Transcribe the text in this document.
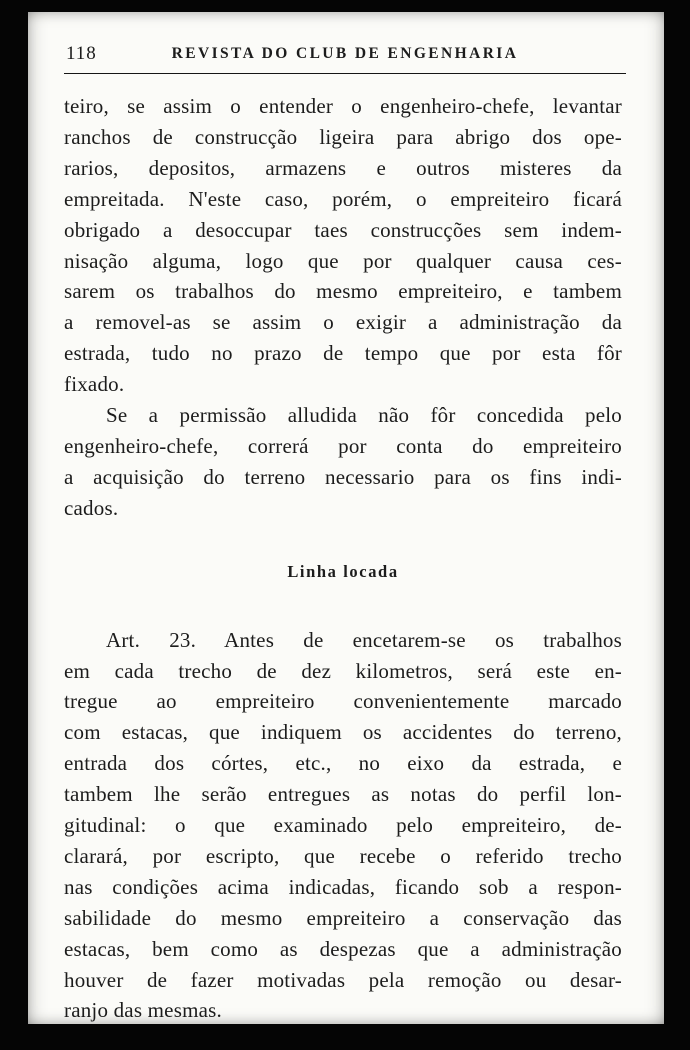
118	REVISTA DO CLUB DE ENGENHARIA
teiro, se assim o entender o engenheiro-chefe, levantar
ranchos de construcção ligeira para abrigo dos ope-
rarios, depositos, armazens e outros misteres da
empreitada. N'este caso, porém, o empreiteiro ficará
obrigado a desoccupar taes construcções sem indem-
nisação alguma, logo que por qualquer causa ces-
sarem os trabalhos do mesmo empreiteiro, e tambem
a removel-as se assim o exigir a administração da
estrada, tudo no prazo de tempo que por esta fôr
fixado.
Se a permissão alludida não fôr concedida pelo
engenheiro-chefe, correrá por conta do empreiteiro
a acquisição do terreno necessario para os fins indi-
cados.
Linha locada
Art. 23. Antes de encetarem-se os trabalhos
em cada trecho de dez kilometros, será este en-
tregue ao empreiteiro convenientemente marcado
com estacas, que indiquem os accidentes do terreno,
entrada dos córtes, etc., no eixo da estrada, e
tambem lhe serão entregues as notas do perfil lon-
gitudinal: o que examinado pelo empreiteiro, de-
clarará, por escripto, que recebe o referido trecho
nas condições acima indicadas, ficando sob a respon-
sabilidade do mesmo empreiteiro a conservação das
estacas, bem como as despezas que a administração
houver de fazer motivadas pela remoção ou desar-
ranjo das mesmas.
